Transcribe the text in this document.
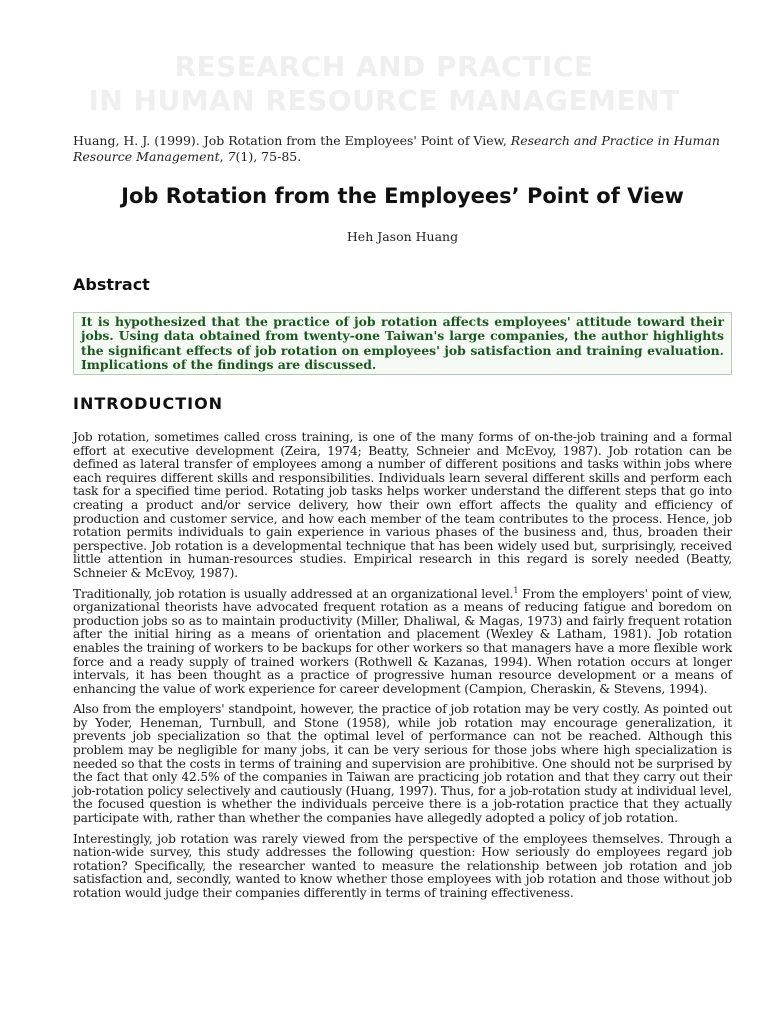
RESEARCH AND PRACTICE
IN HUMAN RESOURCE MANAGEMENT
Huang, H. J. (1999). Job Rotation from the Employees' Point of View, Research and Practice in Human Resource Management, 7(1), 75-85.
Job Rotation from the Employees’ Point of View
Heh Jason Huang
Abstract
It is hypothesized that the practice of job rotation affects employees' attitude toward their jobs. Using data obtained from twenty-one Taiwan's large companies, the author highlights the significant effects of job rotation on employees' job satisfaction and training evaluation. Implications of the findings are discussed.
INTRODUCTION

Job rotation, sometimes called cross training, is one of the many forms of on-the-job training and a formal effort at executive development (Zeira, 1974; Beatty, Schneier and McEvoy, 1987). Job rotation can be defined as lateral transfer of employees among a number of different positions and tasks within jobs where each requires different skills and responsibilities. Individuals learn several different skills and perform each task for a specified time period. Rotating job tasks helps worker understand the different steps that go into creating a product and/or service delivery, how their own effort affects the quality and efficiency of production and customer service, and how each member of the team contributes to the process. Hence, job rotation permits individuals to gain experience in various phases of the business and, thus, broaden their perspective. Job rotation is a developmental technique that has been widely used but, surprisingly, received little attention in human-resources studies. Empirical research in this regard is sorely needed (Beatty, Schneier & McEvoy, 1987).

Traditionally, job rotation is usually addressed at an organizational level.$^1$ From the employers' point of view, organizational theorists have advocated frequent rotation as a means of reducing fatigue and boredom on production jobs so as to maintain productivity (Miller, Dhaliwal, & Magas, 1973) and fairly frequent rotation after the initial hiring as a means of orientation and placement (Wexley & Latham, 1981). Job rotation enables the training of workers to be backups for other workers so that managers have a more flexible work force and a ready supply of trained workers (Rothwell & Kazanas, 1994). When rotation occurs at longer intervals, it has been thought as a practice of progressive human resource development or a means of enhancing the value of work experience for career development (Campion, Cheraskin, & Stevens, 1994).

Also from the employers' standpoint, however, the practice of job rotation may be very costly. As pointed out by Yoder, Heneman, Turnbull, and Stone (1958), while job rotation may encourage generalization, it prevents job specialization so that the optimal level of performance can not be reached. Although this problem may be negligible for many jobs, it can be very serious for those jobs where high specialization is needed so that the costs in terms of training and supervision are prohibitive. One should not be surprised by the fact that only 42.5% of the companies in Taiwan are practicing job rotation and that they carry out their job-rotation policy selectively and cautiously (Huang, 1997). Thus, for a job-rotation study at individual level, the focused question is whether the individuals perceive there is a job-rotation practice that they actually participate with, rather than whether the companies have allegedly adopted a policy of job rotation.

Interestingly, job rotation was rarely viewed from the perspective of the employees themselves. Through a nation-wide survey, this study addresses the following question: How seriously do employees regard job rotation? Specifically, the researcher wanted to measure the relationship between job rotation and job satisfaction and, secondly, wanted to know whether those employees with job rotation and those without job rotation would judge their companies differently in terms of training effectiveness.
